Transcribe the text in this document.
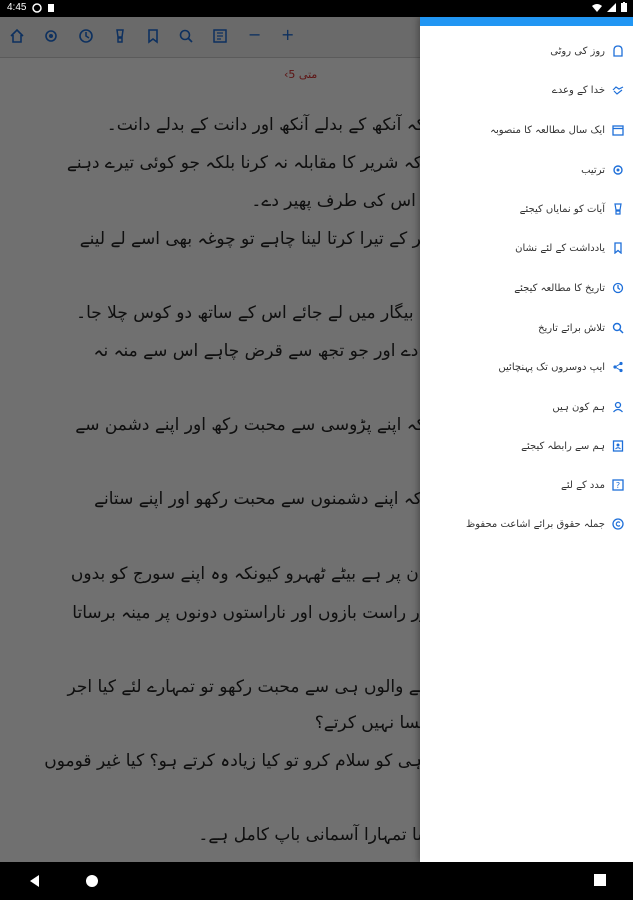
4:45
روز کی روٹی
خدا کے وعدے
ایک سال مطالعہ کا منصوبہ
ترتیب
آیات کو نمایاں کیجئے
یادداشت کے لئے نشان
تاریخ کا مطالعہ کیجئے
تلاش برائے تاریخ
ایپ دوسروں تک پہنچائیں
ہم کون ہیں
ہم سے رابطہ کیجئے
مدد کے لئے ?
جملہ حقوق برائے اشاعت محفوظ
